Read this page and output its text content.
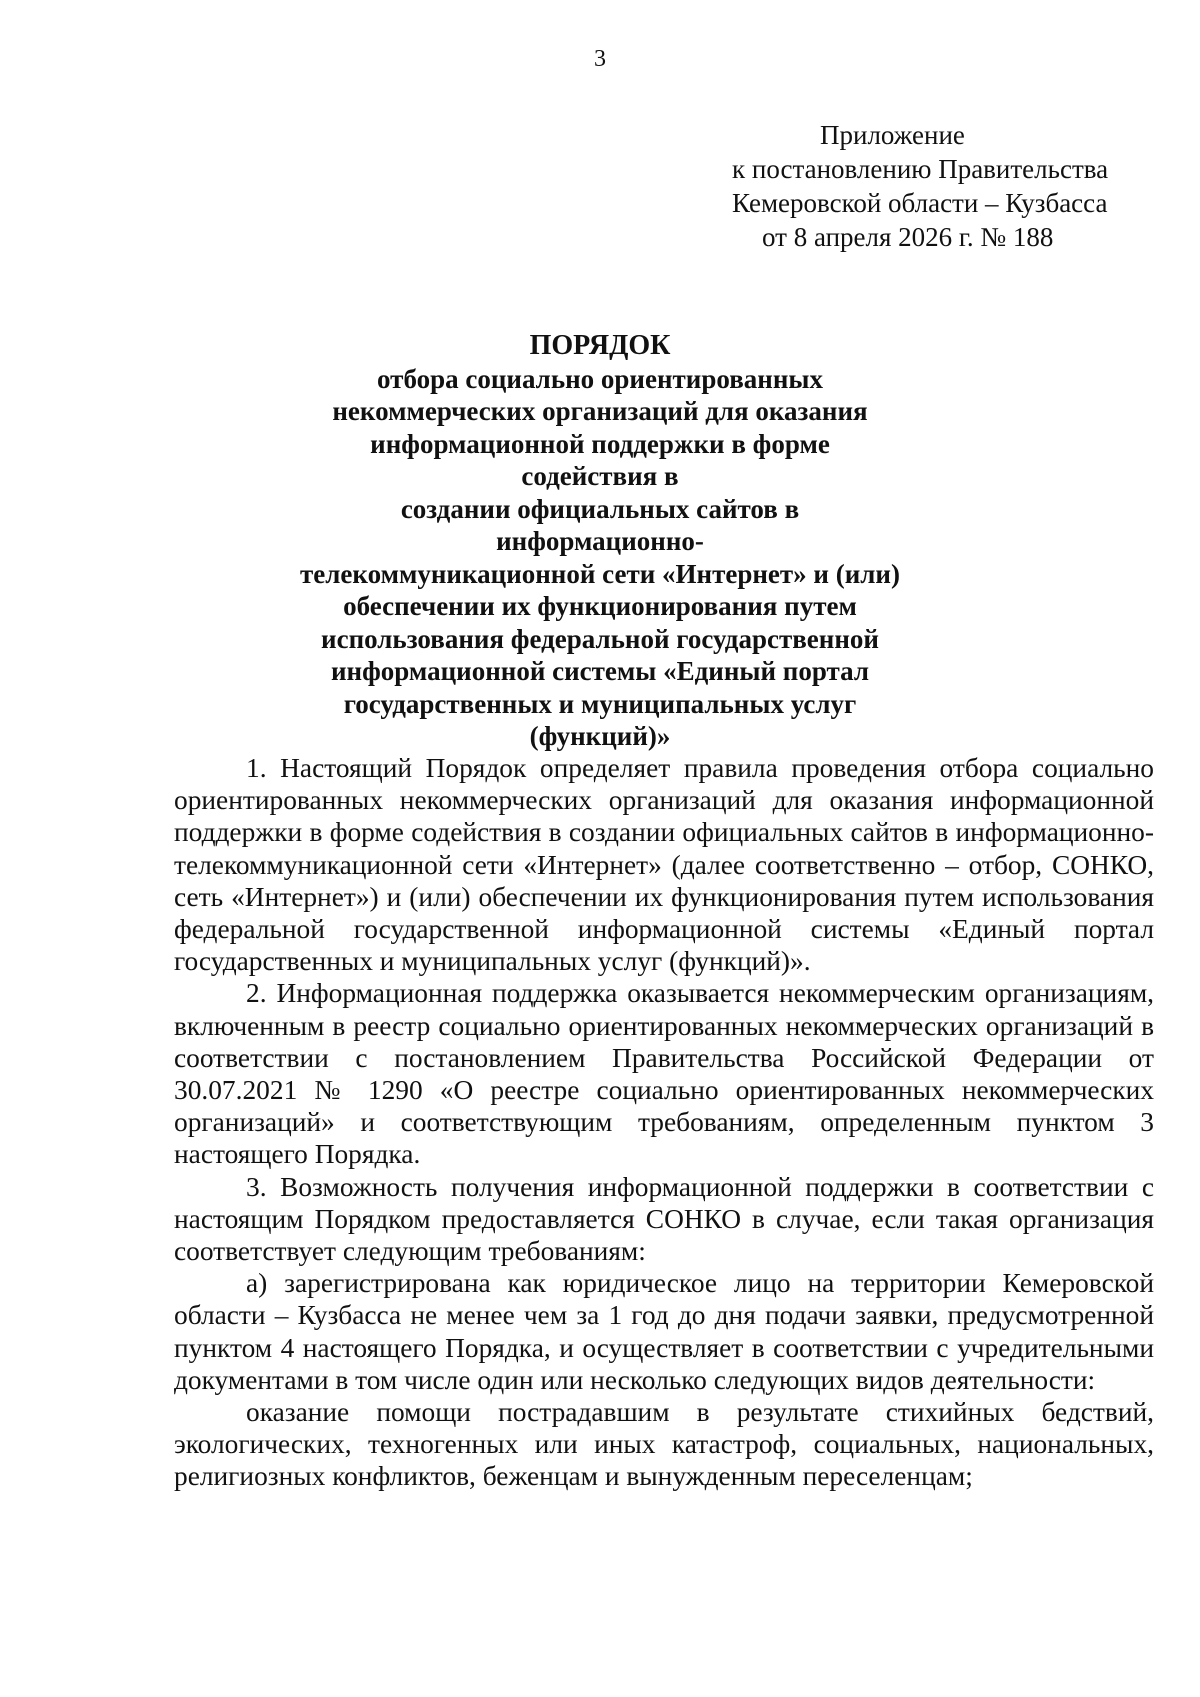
3
Приложение
к постановлению Правительства
Кемеровской области – Кузбасса
от 8 апреля 2026 г. № 188
ПОРЯДОК
отбора социально ориентированных
некоммерческих организаций для оказания
информационной поддержки в форме содействия в
создании официальных сайтов в информационно-
телекоммуникационной сети «Интернет» и (или)
обеспечении их функционирования путем
использования федеральной государственной
информационной системы «Единый портал
государственных и муниципальных услуг
(функций)»

1. Настоящий Порядок определяет правила проведения отбора социально ориентированных некоммерческих организаций для оказания информационной поддержки в форме содействия в создании официальных сайтов в информационно-телекоммуникационной сети «Интернет» (далее соответственно – отбор, СОНКО, сеть «Интернет») и (или) обеспечении их функционирования путем использования федеральной государственной информационной системы «Единый портал государственных и муниципальных услуг (функций)».

2. Информационная поддержка оказывается некоммерческим организациям, включенным в реестр социально ориентированных некоммерческих организаций в соответствии с постановлением Правительства Российской Федерации от 30.07.2021 № 1290 «О реестре социально ориентированных некоммерческих организаций» и соответствующим требованиям, определенным пунктом 3 настоящего Порядка.

3. Возможность получения информационной поддержки в соответствии с настоящим Порядком предоставляется СОНКО в случае, если такая организация соответствует следующим требованиям:

а) зарегистрирована как юридическое лицо на территории Кемеровской области – Кузбасса не менее чем за 1 год до дня подачи заявки, предусмотренной пунктом 4 настоящего Порядка, и осуществляет в соответствии с учредительными документами в том числе один или несколько следующих видов деятельности:

оказание помощи пострадавшим в результате стихийных бедствий, экологических, техногенных или иных катастроф, социальных, национальных, религиозных конфликтов, беженцам и вынужденным переселенцам;
